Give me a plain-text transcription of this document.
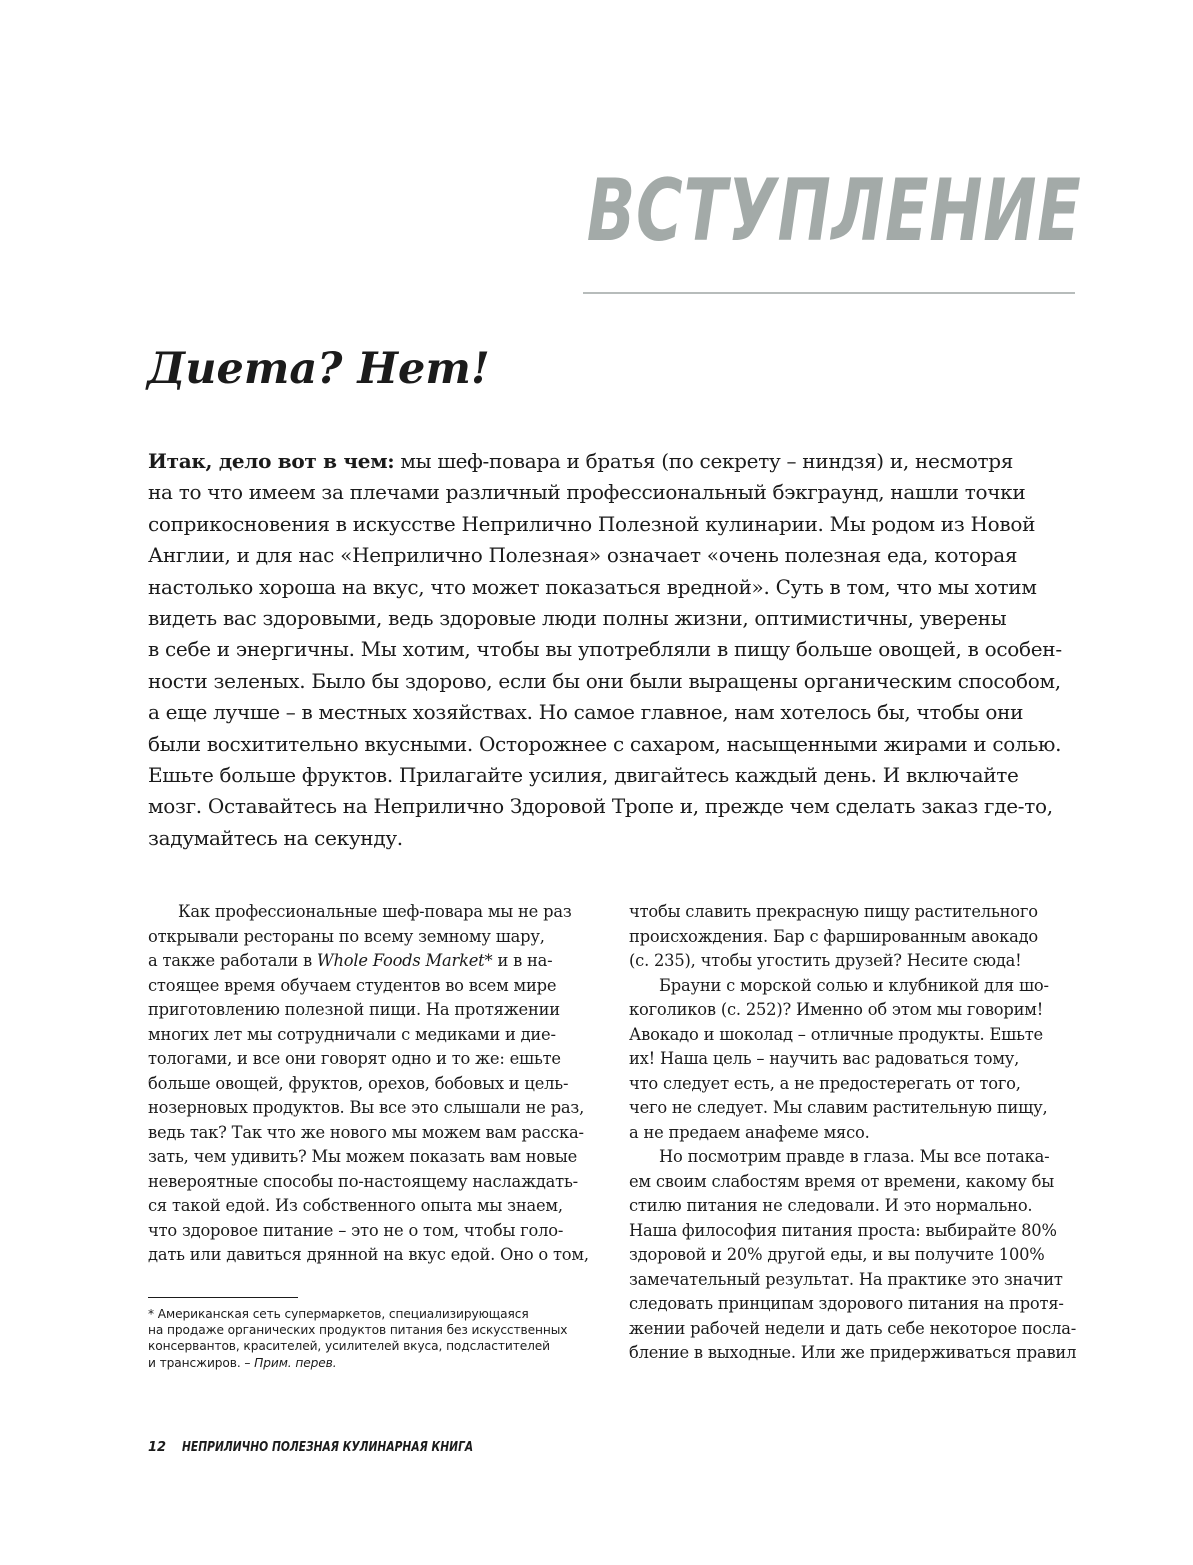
ВСТУПЛЕНИЕ
Диета? Нет!
Итак, дело вот в чем: мы шеф-повара и братья (по секрету – ниндзя) и, несмотря
на то что имеем за плечами различный профессиональный бэкграунд, нашли точки
соприкосновения в искусстве Неприлично Полезной кулинарии. Мы родом из Новой
Англии, и для нас «Неприлично Полезная» означает «очень полезная еда, которая
настолько хороша на вкус, что может показаться вредной». Суть в том, что мы хотим
видеть вас здоровыми, ведь здоровые люди полны жизни, оптимистичны, уверены
в себе и энергичны. Мы хотим, чтобы вы употребляли в пищу больше овощей, в особен-
ности зеленых. Было бы здорово, если бы они были выращены органическим способом,
а еще лучше – в местных хозяйствах. Но самое главное, нам хотелось бы, чтобы они
были восхитительно вкусными. Осторожнее с сахаром, насыщенными жирами и солью.
Ешьте больше фруктов. Прилагайте усилия, двигайтесь каждый день. И включайте
мозг. Оставайтесь на Неприлично Здоровой Тропе и, прежде чем сделать заказ где-то,
задумайтесь на секунду.
Как профессиональные шеф-повара мы не раз
открывали рестораны по всему земному шару,
а также работали в Whole Foods Market* и в на-
стоящее время обучаем студентов во всем мире
приготовлению полезной пищи. На протяжении
многих лет мы сотрудничали с медиками и дие-
тологами, и все они говорят одно и то же: ешьте
больше овощей, фруктов, орехов, бобовых и цель-
нозерновых продуктов. Вы все это слышали не раз,
ведь так? Так что же нового мы можем вам расска-
зать, чем удивить? Мы можем показать вам новые
невероятные способы по-настоящему наслаждать-
ся такой едой. Из собственного опыта мы знаем,
что здоровое питание – это не о том, чтобы голо-
дать или давиться дрянной на вкус едой. Оно о том,
* Американская сеть супермаркетов, специализирующаяся
на продаже органических продуктов питания без искусственных
консервантов, красителей, усилителей вкуса, подсластителей
и трансжиров. – Прим. перев.
чтобы славить прекрасную пищу растительного
происхождения. Бар с фаршированным авокадо
(с. 235), чтобы угостить друзей? Несите сюда!
Брауни с морской солью и клубникой для шо-
коголиков (с. 252)? Именно об этом мы говорим!
Авокадо и шоколад – отличные продукты. Ешьте
их! Наша цель – научить вас радоваться тому,
что следует есть, а не предостерегать от того,
чего не следует. Мы славим растительную пищу,
а не предаем анафеме мясо.
Но посмотрим правде в глаза. Мы все потака-
ем своим слабостям время от времени, какому бы
стилю питания не следовали. И это нормально.
Наша философия питания проста: выбирайте 80%
здоровой и 20% другой еды, и вы получите 100%
замечательный результат. На практике это значит
следовать принципам здорового питания на протя-
жении рабочей недели и дать себе некоторое посла-
бление в выходные. Или же придерживаться правил
12 НЕПРИЛИЧНО ПОЛЕЗНАЯ КУЛИНАРНАЯ КНИГА
